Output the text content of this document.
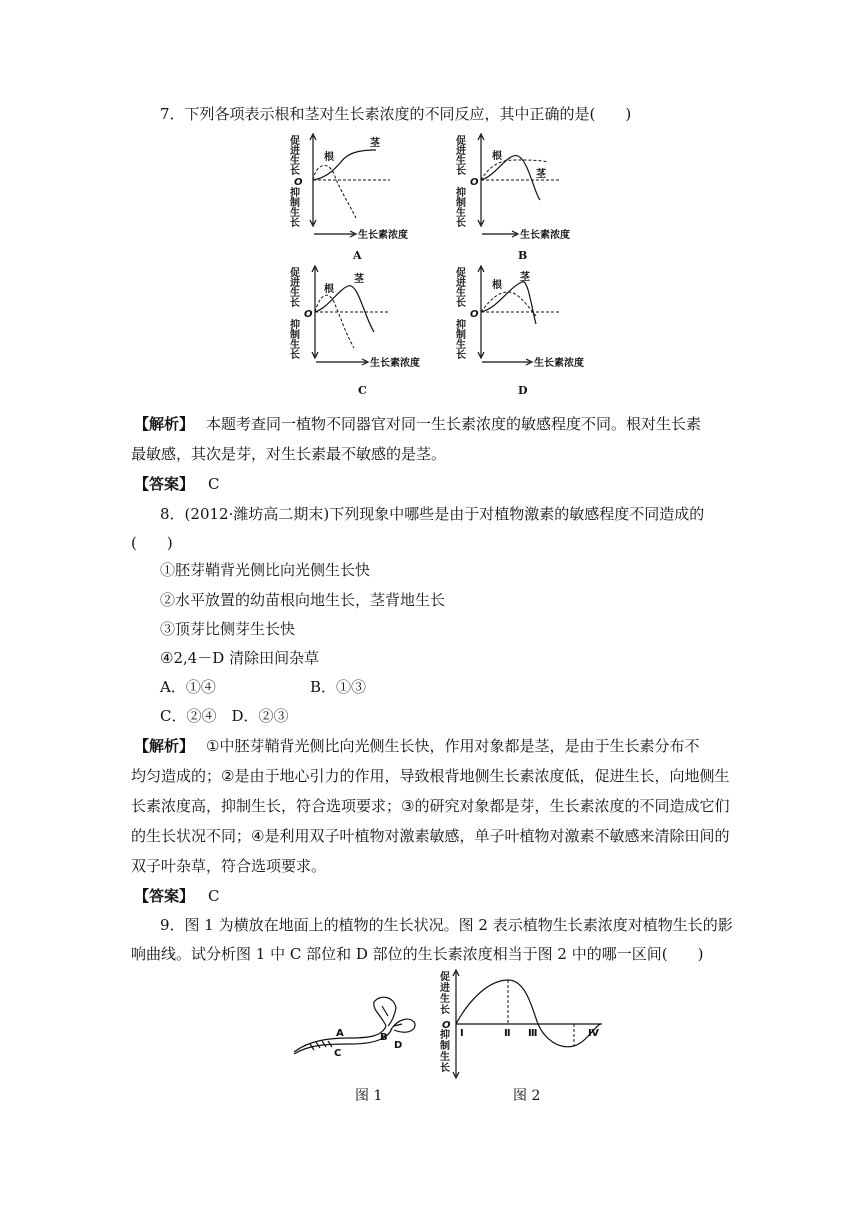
7．下列各项表示根和茎对生长素浓度的不同反应，其中正确的是(　　)
促
进
生
长
抑
制
生
长
O
生长素浓度
根
茎
A
促
进
生
长
抑
制
生
长
O
生长素浓度
根
茎
B
促
进
生
长
抑
制
生
长
O
生长素浓度
根
茎
C
促
进
生
长
抑
制
生
长
O
生长素浓度
根
茎
D
【解析】 本题考查同一植物不同器官对同一生长素浓度的敏感程度不同。根对生长素
最敏感，其次是芽，对生长素最不敏感的是茎。
【答案】 C
8．(2012·潍坊高二期末)下列现象中哪些是由于对植物激素的敏感程度不同造成的
(　　)
①胚芽鞘背光侧比向光侧生长快
②水平放置的幼苗根向地生长，茎背地生长
③顶芽比侧芽生长快
④2,4－D 清除田间杂草
A．①④	B．①③
C．②④　D．②③
【解析】 ①中胚芽鞘背光侧比向光侧生长快，作用对象都是茎，是由于生长素分布不
均匀造成的；②是由于地心引力的作用，导致根背地侧生长素浓度低，促进生长，向地侧生
长素浓度高，抑制生长，符合选项要求；③的研究对象都是芽，生长素浓度的不同造成它们
的生长状况不同；④是利用双子叶植物对激素敏感，单子叶植物对激素不敏感来清除田间的
双子叶杂草，符合选项要求。
【答案】 C
9．图 1 为横放在地面上的植物的生长状况。图 2 表示植物生长素浓度对植物生长的影
响曲线。试分析图 1 中 C 部位和 D 部位的生长素浓度相当于图 2 中的哪一区间(　　)
A	B
C
D
促
进
生
长
O
抑
制
生
长
Ⅰ	Ⅱ Ⅲ	Ⅳ
图 1	图 2
